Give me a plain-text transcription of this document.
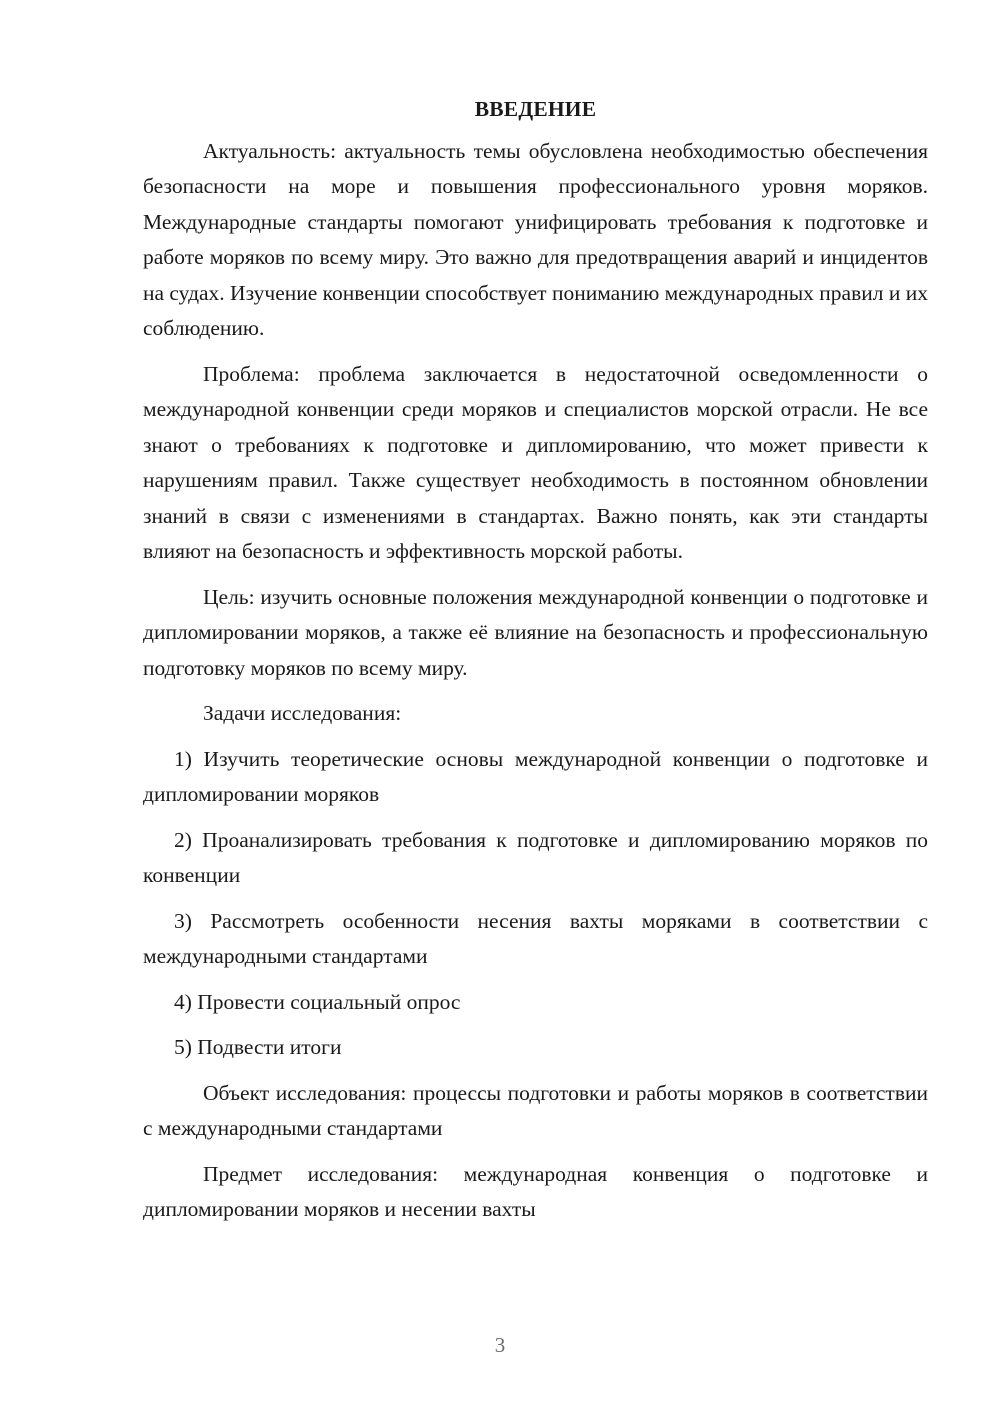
ВВЕДЕНИЕ

Актуальность: актуальность темы обусловлена необходимостью обеспечения безопасности на море и повышения профессионального уровня моряков. Международные стандарты помогают унифицировать требования к подготовке и работе моряков по всему миру. Это важно для предотвращения аварий и инцидентов на судах. Изучение конвенции способствует пониманию международных правил и их соблюдению.

Проблема: проблема заключается в недостаточной осведомленности о международной конвенции среди моряков и специалистов морской отрасли. Не все знают о требованиях к подготовке и дипломированию, что может привести к нарушениям правил. Также существует необходимость в постоянном обновлении знаний в связи с изменениями в стандартах. Важно понять, как эти стандарты влияют на безопасность и эффективность морской работы.

Цель: изучить основные положения международной конвенции о подготовке и дипломировании моряков, а также её влияние на безопасность и профессиональную подготовку моряков по всему миру.

Задачи исследования:

1) Изучить теоретические основы международной конвенции о подготовке и дипломировании моряков

2) Проанализировать требования к подготовке и дипломированию моряков по конвенции

3) Рассмотреть особенности несения вахты моряками в соответствии с международными стандартами

4) Провести социальный опрос

5) Подвести итоги

Объект исследования: процессы подготовки и работы моряков в соответствии с международными стандартами

Предмет исследования: международная конвенция о подготовке и дипломировании моряков и несении вахты

3
